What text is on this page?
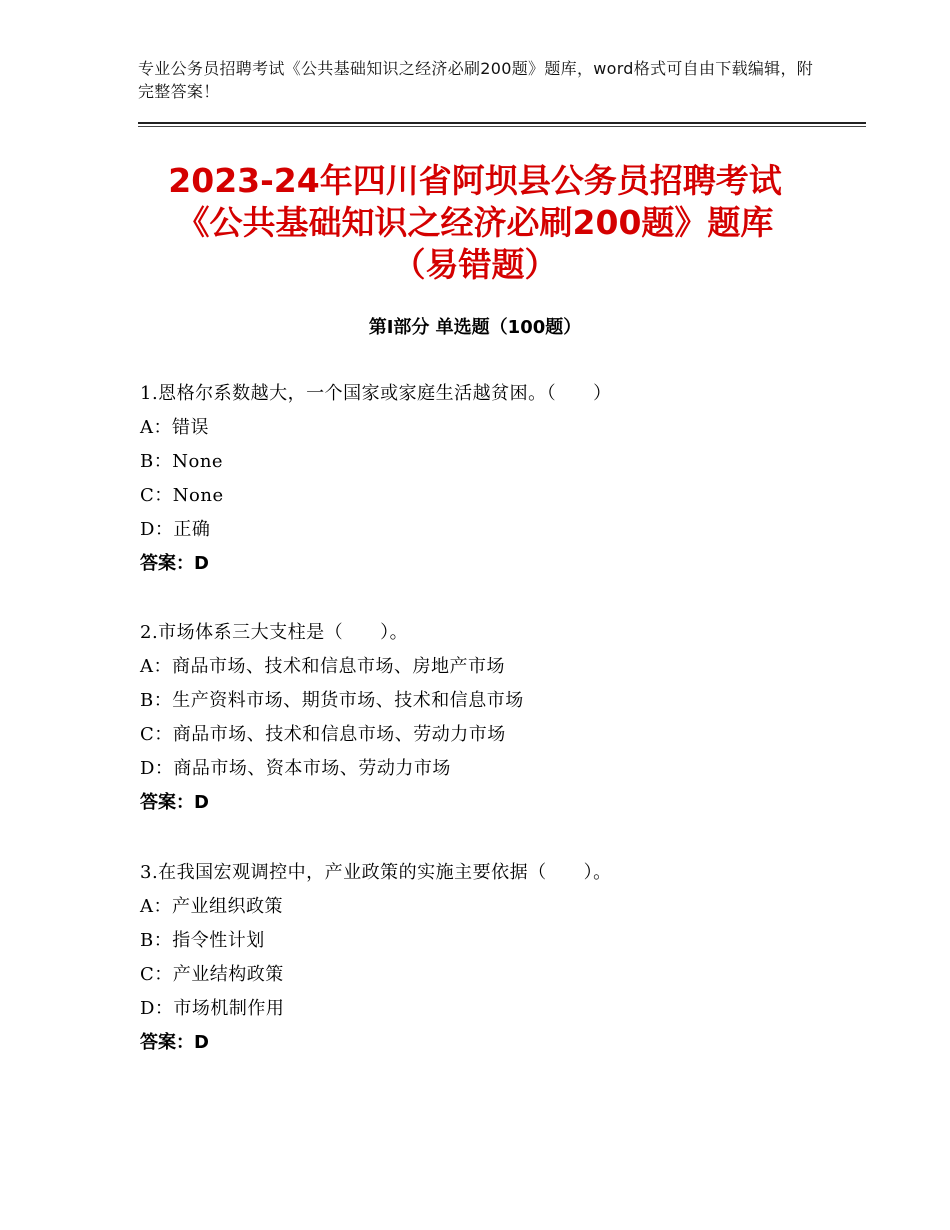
专业公务员招聘考试《公共基础知识之经济必刷200题》题库，word格式可自由下载编辑，附完整答案！
2023-24年四川省阿坝县公务员招聘考试
《公共基础知识之经济必刷200题》题库
（易错题）
第Ⅰ部分 单选题（100题）
1.恩格尔系数越大，一个国家或家庭生活越贫困。（　　）
A：错误
B：None
C：None
D：正确
答案：D
2.市场体系三大支柱是（　　）。
A：商品市场、技术和信息市场、房地产市场
B：生产资料市场、期货市场、技术和信息市场
C：商品市场、技术和信息市场、劳动力市场
D：商品市场、资本市场、劳动力市场
答案：D
3.在我国宏观调控中，产业政策的实施主要依据（　　）。
A：产业组织政策
B：指令性计划
C：产业结构政策
D：市场机制作用
答案：D
